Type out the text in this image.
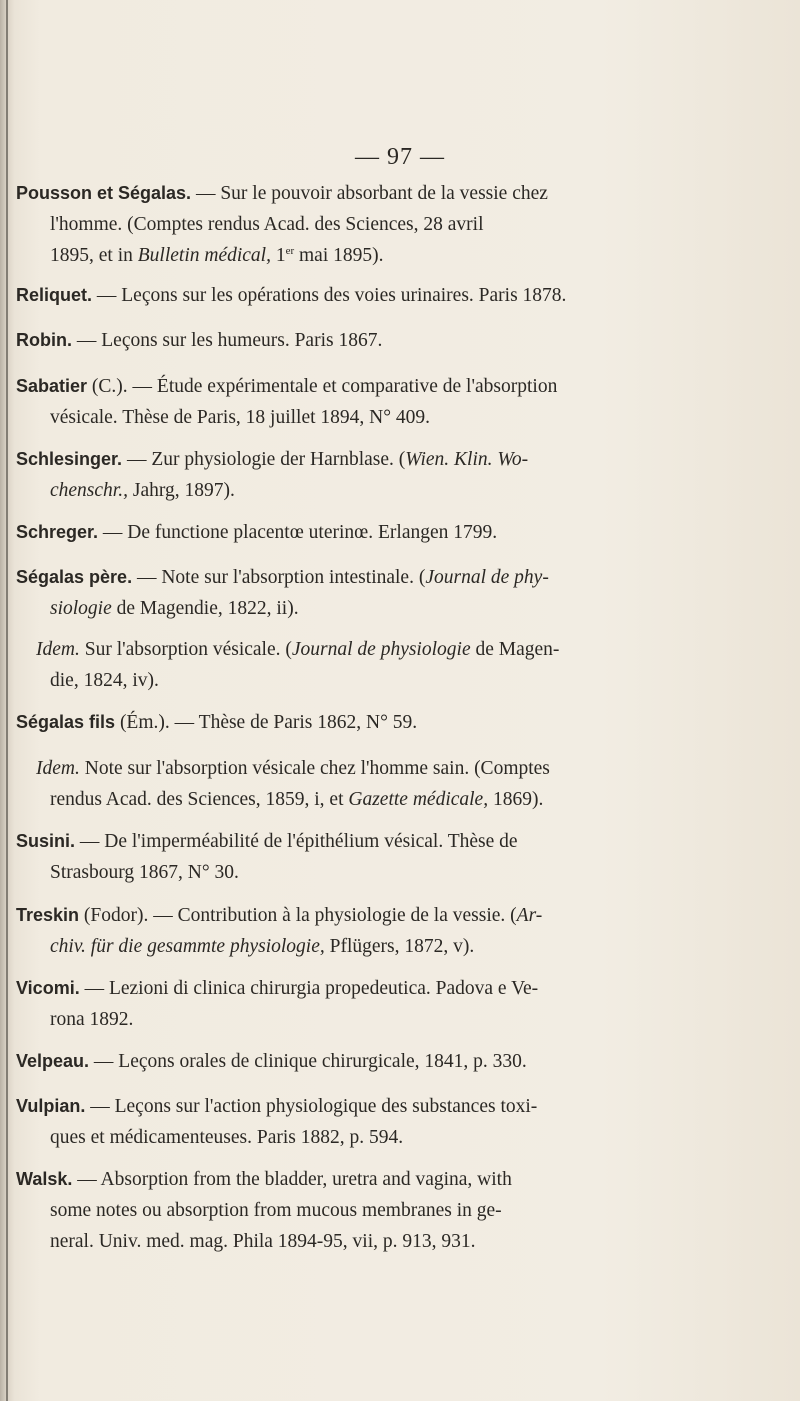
— 97 —
Pousson et Ségalas. — Sur le pouvoir absorbant de la vessie chez
l'homme. (Comptes rendus Acad. des Sciences, 28 avril
1895, et in Bulletin médical, 1er mai 1895).
Reliquet. — Leçons sur les opérations des voies urinaires. Paris 1878.
Robin. — Leçons sur les humeurs. Paris 1867.
Sabatier (C.). — Étude expérimentale et comparative de l'absorption
vésicale. Thèse de Paris, 18 juillet 1894, N° 409.
Schlesinger. — Zur physiologie der Harnblase. (Wien. Klin. Wo-
chenschr., Jahrg, 1897).
Schreger. — De functione placentœ uterinœ. Erlangen 1799.
Ségalas père. — Note sur l'absorption intestinale. (Journal de phy-
siologie de Magendie, 1822, ii).
Idem. Sur l'absorption vésicale. (Journal de physiologie de Magen-
die, 1824, iv).
Ségalas fils (Ém.). — Thèse de Paris 1862, N° 59.
Idem. Note sur l'absorption vésicale chez l'homme sain. (Comptes
rendus Acad. des Sciences, 1859, i, et Gazette médicale, 1869).
Susini. — De l'imperméabilité de l'épithélium vésical. Thèse de
Strasbourg 1867, N° 30.
Treskin (Fodor). — Contribution à la physiologie de la vessie. (Ar-
chiv. für die gesammte physiologie, Pflügers, 1872, v).
Vicomi. — Lezioni di clinica chirurgia propedeutica. Padova e Ve-
rona 1892.
Velpeau. — Leçons orales de clinique chirurgicale, 1841, p. 330.
Vulpian. — Leçons sur l'action physiologique des substances toxi-
ques et médicamenteuses. Paris 1882, p. 594.
Walsk. — Absorption from the bladder, uretra and vagina, with
some notes ou absorption from mucous membranes in ge-
neral. Univ. med. mag. Phila 1894-95, vii, p. 913, 931.
